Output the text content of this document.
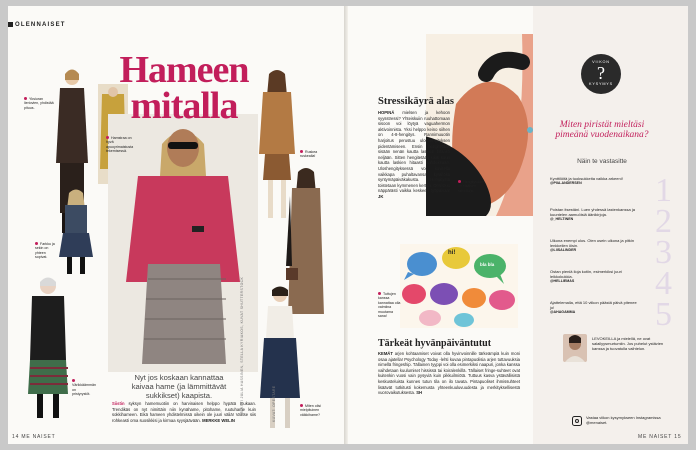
OLENNAISET
Yksiuran lieriovien, yhdistää pituus.
Hamstraa on hyvä apuoyrimaistusta tekemisessä.	Ruskea ruskealla!
Farkku ja sekin on yhteen sopivat.
Värikkäämmän on pristyrystöt.
Miten olisi mielpituinen väikkihame?
Hameen
mitalla
Nyt jos koskaan kannattaa kaivaa hame (ja lämmittävät sukkikset) kaapista.
Siistin syksyn hamemuotiin on harvinaisen helppo hypätä mukaan. Trendikäs on nyt nimittäin niin kynähame, pitohame, ruutuhame kuin sokkihameen. Eikä hameen yhdistelmissä oikein ole juuri väliä! Valitse siis rohkeasti oma suosikkisi ja kirmaa syysjäävään. MERKKE WELIN
TEKSTI JULIA HASSINEN, STELLA KYRIAKOS, KUVAT SHUTTERSTOCK	KUVAT: OPESTARE
14 ME NAISET
Hengitysääni on sisäisen rahoittaja.
Stressikäyrä alas
HOPINÄ mielsen ja kehoon syysstressi? Yhteiskuiin ruuhattomaan sisoon voi löytyä vaguahermon aktivoinnista. Yksi helppo keino siihen on 4-8-hengitys. Rannimuuotin harjoitus perustuu uloshengityksen pidentämiseen. Ensin hengitetään sisään nenän kautta laskien hitaasti neljään. Sitten hengitetään ulos suun kautta laskien hitaasti kahdeksaan. Uloshengityksessä voi kuvitella vaikkapa puhaltavansa kyntilöitä syntymäpäiväkakusta. Hengitystä toistetaan kymmenen kertaa. Onnistuu näppärästi vaikka keskeen työpäivää! JK
hi!
bla bla
Tuttujen kanssa kannattaa olla valmiina muutama sana!
Tärkeät hyvänpäiväntutut
KEMÄT arjen kohtaamiset voivat olla hyvinvoinnille tärkeämpiä kuin moni osaa ajatella! Psychology Today -lehti kuvaa pintapuolisia arjen tuttavuuksia nimellä fringeship. Tällainen tyyppi voi olla esimerkiksi naapuri, jonka kanssa vaihdetaan kuulumiset hississä tai koiralenkillä. Tällaiset fringe-suhteet ovat kuitenkin vuosi vain pysyviä kuin pikkuilmiötä. Tuttuus kasva ystävällisistä keskusteluista kunnes tutun tila on ilo tavata. Pintapuoliset ihmissuhteet lisäävät tutkitusti kokemusta yhteenkuuluvuudesta ja merkityksellisestä vuorovaikutuksesta. SH
VIIKON
?
KYSYMYS
Miten piristät mieltäsi pimeänä vuodenaikana?
Näin te vastasitte
1
Kynttilöitä ja tuoksukkeita vaikka arkeeni!
@PIIA.ANDERSEN
2
Poistan itsestäni. Luen yhdessä lastenkanssa ja kuuntelen aamuöisiä äänikirjoja.
@_HELTINEN
3
Ulkona enempi ulos. Olen usein ulkona ja pitkin lenkkeilen öisin.
@LIISALINDER
4
Ostan pieniä iloja kotiin, esimerkiksi juuri leikkokukkia.
@HELLIEMAS
5
Ajattelemalla, että 10 viikon päästä päivä pitenee jo!
@AHAGAMMA
LEVOKEILLA ja mielellä, ne ovat salailyysmurtumiin. Jos puhelut ystävien kanssa ja tuovatulla vaihtelun.
Vastaa viikon kysymykseen Instagramissa @menaiset.
ME NAISET 15
